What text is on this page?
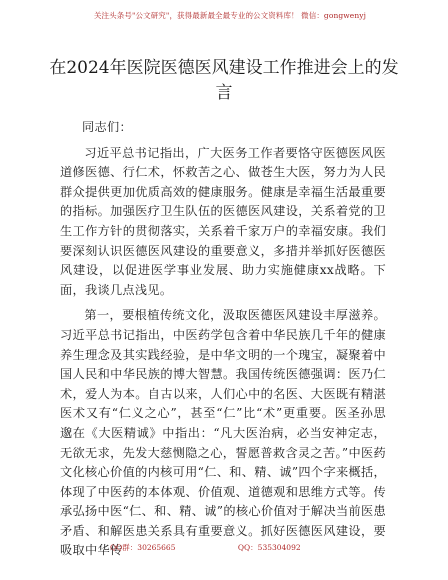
关注头条号"公文研究"，获得最新最全最专业的公文资料库！ 微信：gongwenyj
在2024年医院医德医风建设工作推进会上的发言

同志们：

习近平总书记指出，广大医务工作者要恪守医德医风医道修医德、行仁术，怀救苦之心、做苍生大医，努力为人民群众提供更加优质高效的健康服务。健康是幸福生活最重要的指标。加强医疗卫生队伍的医德医风建设，关系着党的卫生工作方针的贯彻落实，关系着千家万户的幸福安康。我们要深刻认识医德医风建设的重要意义，多措并举抓好医德医风建设，以促进医学事业发展、助力实施健康xx战略。下面，我谈几点浅见。

第一，要根植传统文化，汲取医德医风建设丰厚滋养。习近平总书记指出，中医药学包含着中华民族几千年的健康养生理念及其实践经验，是中华文明的一个瑰宝，凝聚着中国人民和中华民族的博大智慧。我国传统医德强调：医乃仁术，爱人为本。自古以来，人们心中的名医、大医既有精湛医术又有“仁义之心”，甚至“仁”比“术”更重要。医圣孙思邈在《大医精诚》中指出：“凡大医治病，必当安神定志，无欲无求，先发大慈恻隐之心，誓愿普救含灵之苦。”中医药文化核心价值的内核可用“仁、和、精、诚”四个字来概括，体现了中医药的本体观、价值观、道德观和思维方式等。传承弘扬中医“仁、和、精、诚”的核心价值对于解决当前医患矛盾、和解医患关系具有重要意义。抓好医德医风建设，要吸取中华传

QQ群：30265665	QQ：535304092
